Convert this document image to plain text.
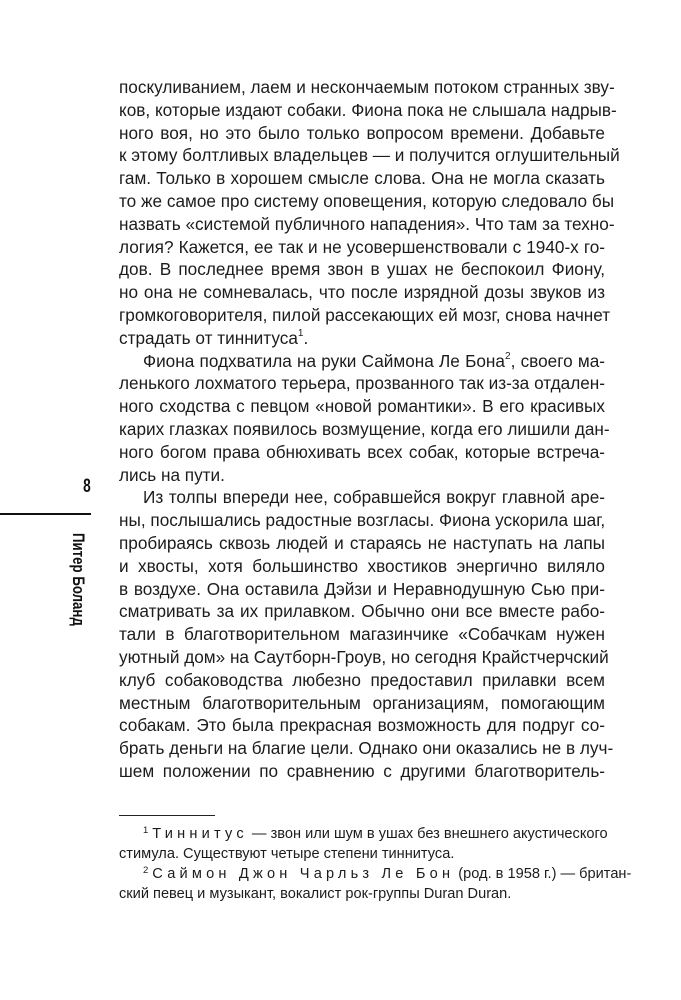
8
Питер Боланд
поскуливанием, лаем и нескончаемым потоком странных зву-
ков, которые издают собаки. Фиона пока не слышала надрыв-
ного воя, но это было только вопросом времени. Добавьте
к этому болтливых владельцев — и получится оглушительный
гам. Только в хорошем смысле слова. Она не могла сказать
то же самое про систему оповещения, которую следовало бы
назвать «системой публичного нападения». Что там за техно-
логия? Кажется, ее так и не усовершенствовали с 1940-х го-
дов. В последнее время звон в ушах не беспокоил Фиону,
но она не сомневалась, что после изрядной дозы звуков из
громкоговорителя, пилой рассекающих ей мозг, снова начнет
страдать от тиннитуса$^1$.
Фиона подхватила на руки Саймона Ле Бона$^2$, своего ма-
ленького лохматого терьера, прозванного так из-за отдален-
ного сходства с певцом «новой романтики». В его красивых
карих глазках появилось возмущение, когда его лишили дан-
ного богом права обнюхивать всех собак, которые встреча-
лись на пути.
Из толпы впереди нее, собравшейся вокруг главной аре-
ны, послышались радостные возгласы. Фиона ускорила шаг,
пробираясь сквозь людей и стараясь не наступать на лапы
и хвосты, хотя большинство хвостиков энергично виляло
в воздухе. Она оставила Дэйзи и Неравнодушную Сью при-
сматривать за их прилавком. Обычно они все вместе рабо-
тали в благотворительном магазинчике «Собачкам нужен
уютный дом» на Саутборн-Гроув, но сегодня Крайстчерчский
клуб собаководства любезно предоставил прилавки всем
местным благотворительным организациям, помогающим
собакам. Это была прекрасная возможность для подруг со-
брать деньги на благие цели. Однако они оказались не в луч-
шем положении по сравнению с другими благотворитель-
$^1$ Тиннитус — звон или шум в ушах без внешнего акустического
стимула. Существуют четыре степени тиннитуса.
$^2$ Саймон Джон Чарльз Ле Бон (род. в 1958 г.) — британ-
ский певец и музыкант, вокалист рок-группы Duran Duran.
